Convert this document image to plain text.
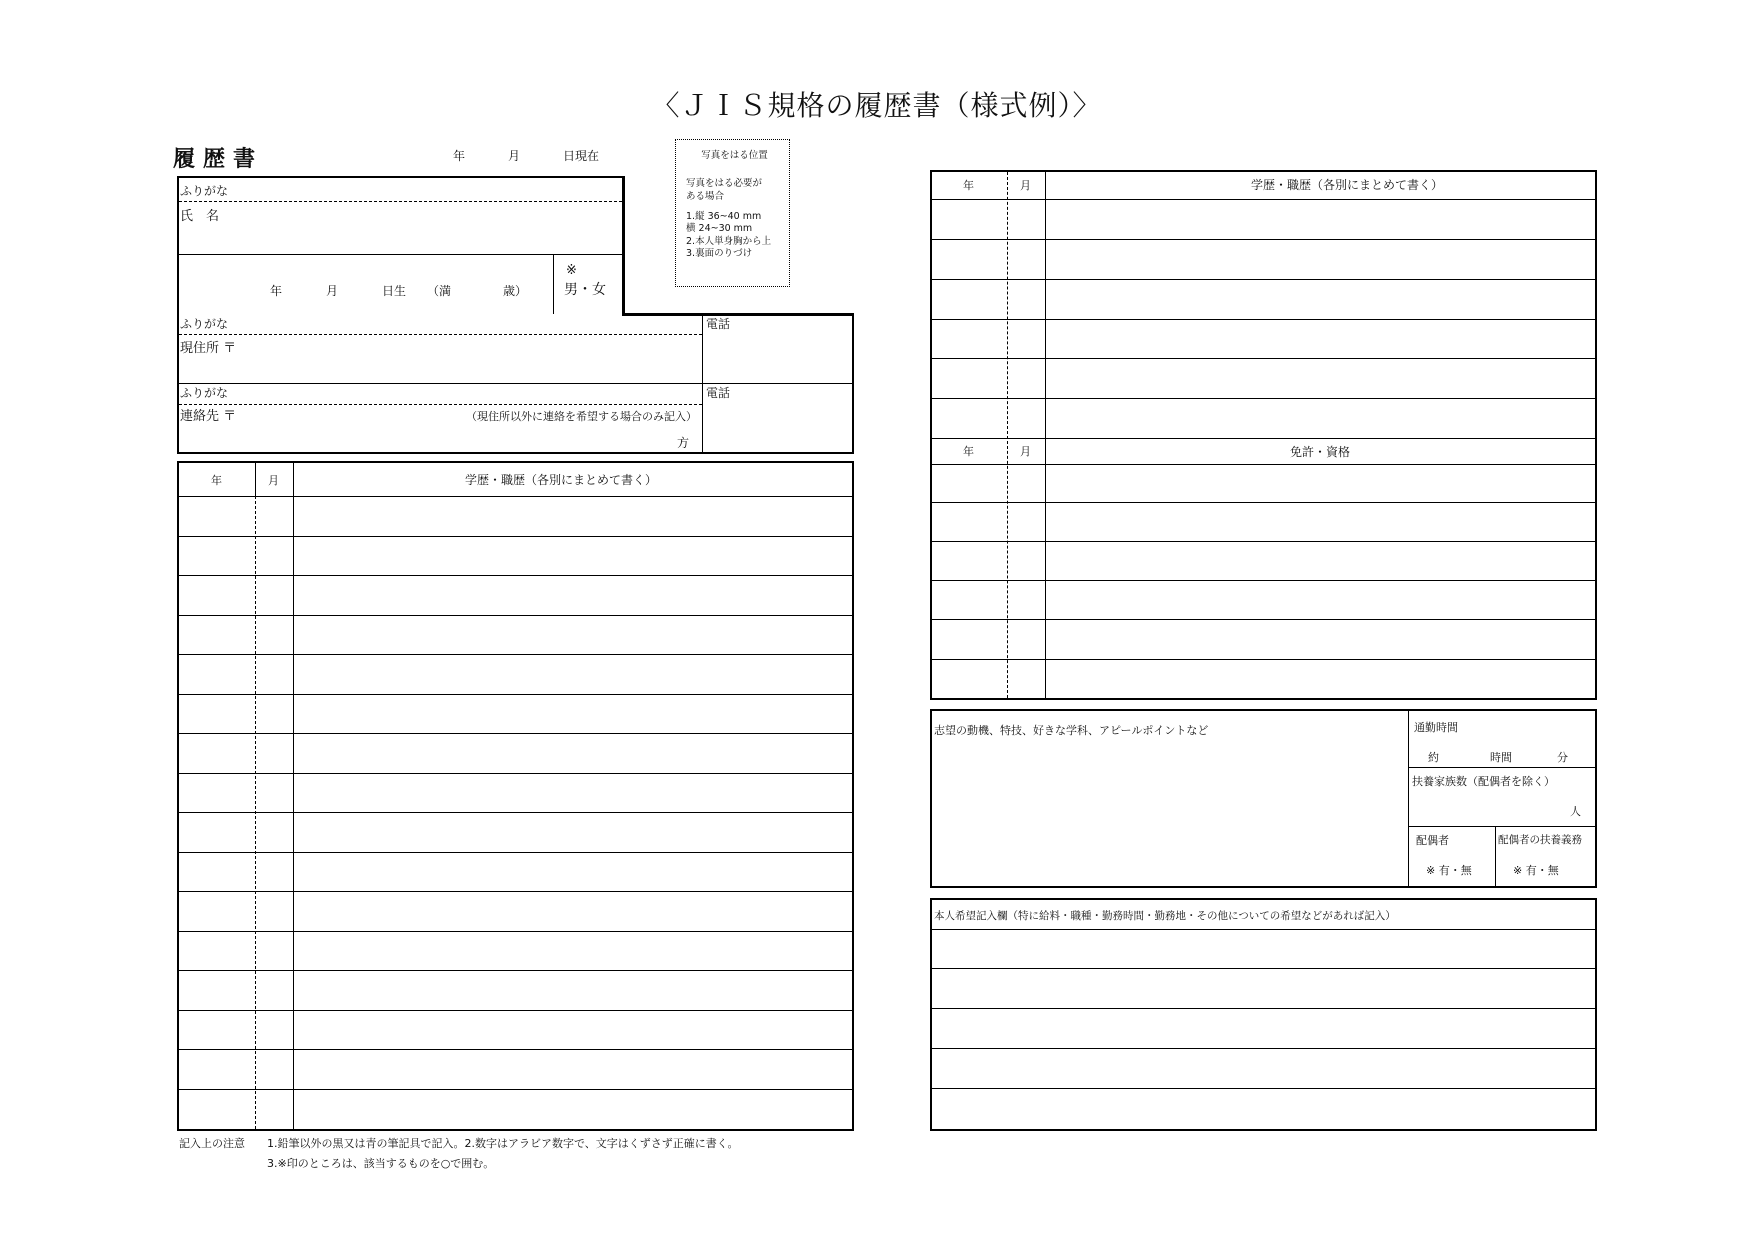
〈ＪＩＳ規格の履歴書（様式例）〉
履歴書	年	月	日現在	写真をはる位置
写真をはる必要が
ある場合
1.縦 36~40 mm
横 24~30 mm
2.本人単身胸から上
3.裏面のりづけ
ふりがな
氏　名
年	月	日生 （満	歳）
※
男・女
ふりがな
現住所 〒
電話
ふりがな
連絡先 〒	（現住所以外に連絡を希望する場合のみ記入）
方
電話
年	月	学歴・職歴（各別にまとめて書く）
年	月	学歴・職歴（各別にまとめて書く）
年	月	免許・資格
志望の動機、特技、好きな学科、アピールポイントなど	通勤時間
約	時間	分
扶養家族数（配偶者を除く）
人
配偶者	配偶者の扶養義務
※ 有・無	※ 有・無
本人希望記入欄（特に給料・職種・勤務時間・勤務地・その他についての希望などがあれば記入）
記入上の注意 1.鉛筆以外の黒又は青の筆記具で記入。2.数字はアラビア数字で、文字はくずさず正確に書く。
3.※印のところは、該当するものを○で囲む。
